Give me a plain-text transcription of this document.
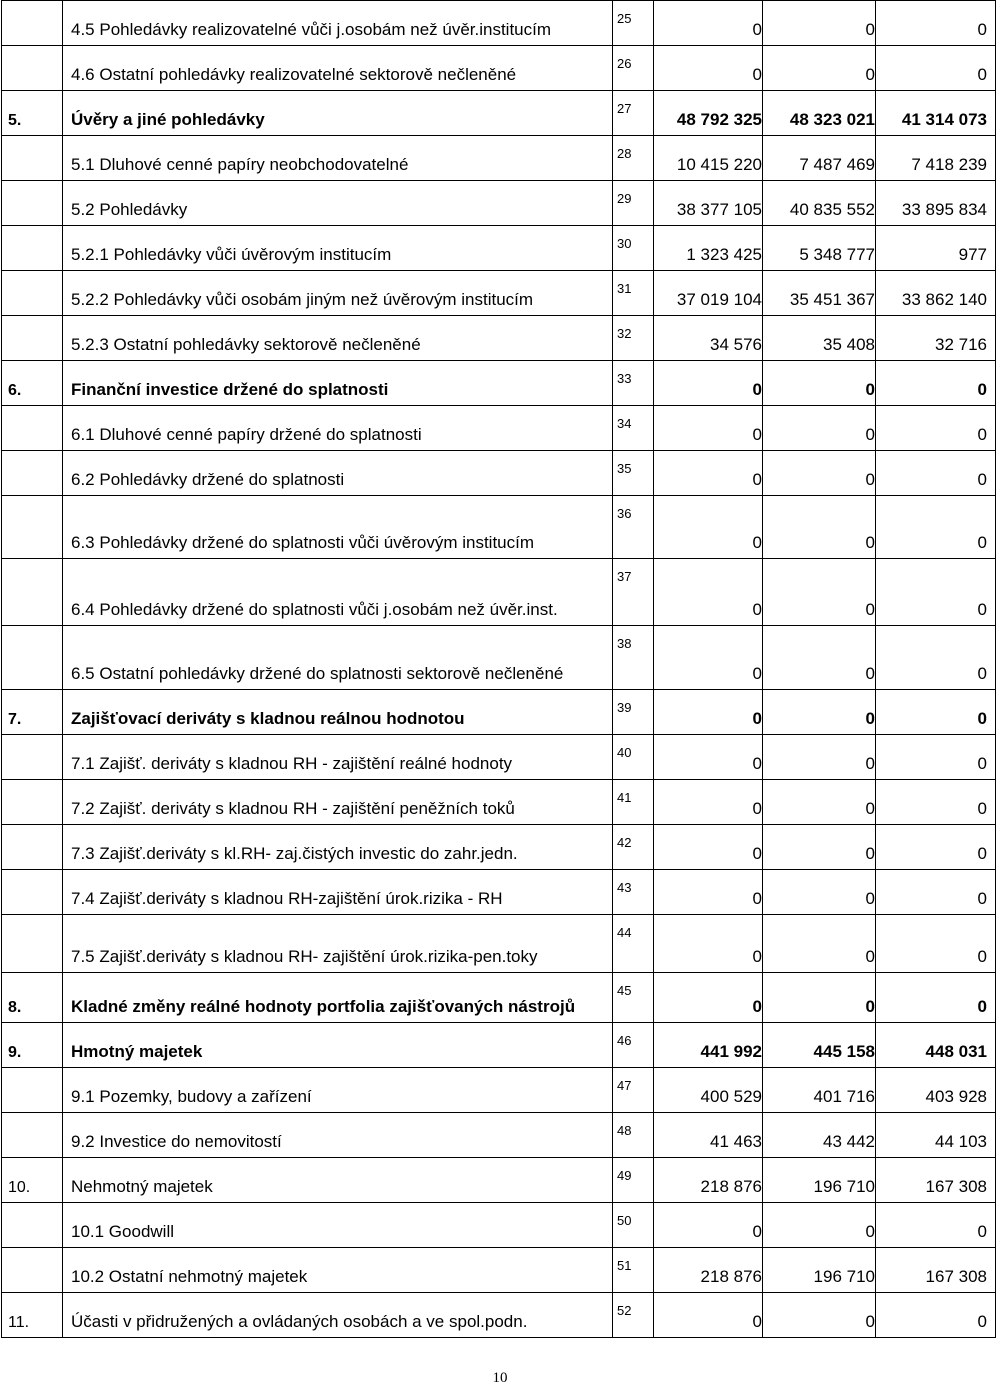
	4.5 Pohledávky realizovatelné vůči j.osobám než úvěr.institucím	25	0	0	0
	4.6 Ostatní pohledávky realizovatelné sektorově nečleněné	26	0	0	0
5.	Úvěry a jiné pohledávky	27	48 792 325	48 323 021	41 314 073
	5.1 Dluhové cenné papíry neobchodovatelné	28	10 415 220	7 487 469	7 418 239
	5.2 Pohledávky	29	38 377 105	40 835 552	33 895 834
	5.2.1 Pohledávky vůči úvěrovým institucím	30	1 323 425	5 348 777	977
	5.2.2 Pohledávky vůči osobám jiným než úvěrovým institucím	31	37 019 104	35 451 367	33 862 140
	5.2.3 Ostatní pohledávky sektorově nečleněné	32	34 576	35 408	32 716
6.	Finanční investice držené do splatnosti	33	0	0	0
	6.1 Dluhové cenné papíry držené do splatnosti	34	0	0	0
	6.2 Pohledávky držené do splatnosti	35	0	0	0
	6.3 Pohledávky držené do splatnosti vůči úvěrovým institucím	36	0	0	0
	6.4 Pohledávky držené do splatnosti vůči j.osobám než úvěr.inst.	37	0	0	0
	6.5 Ostatní pohledávky držené do splatnosti sektorově nečleněné	38	0	0	0
7.	Zajišťovací deriváty s kladnou reálnou hodnotou	39	0	0	0
	7.1 Zajišť. deriváty s kladnou RH - zajištění reálné hodnoty	40	0	0	0
	7.2 Zajišť. deriváty s kladnou RH - zajištění peněžních toků	41	0	0	0
	7.3 Zajišť.deriváty s kl.RH- zaj.čistých investic do zahr.jedn.	42	0	0	0
	7.4 Zajišť.deriváty s kladnou RH-zajištění úrok.rizika - RH	43	0	0	0
	7.5 Zajišť.deriváty s kladnou RH- zajištění úrok.rizika-pen.toky	44	0	0	0
8.	Kladné změny reálné hodnoty portfolia zajišťovaných nástrojů	45	0	0	0
9.	Hmotný majetek	46	441 992	445 158	448 031
	9.1 Pozemky, budovy a zařízení	47	400 529	401 716	403 928
	9.2 Investice do nemovitostí	48	41 463	43 442	44 103
10.	Nehmotný majetek	49	218 876	196 710	167 308
	10.1 Goodwill	50	0	0	0
	10.2 Ostatní nehmotný majetek	51	218 876	196 710	167 308
11.	Účasti v přidružených a ovládaných osobách a ve spol.podn.	52	0	0	0
10
